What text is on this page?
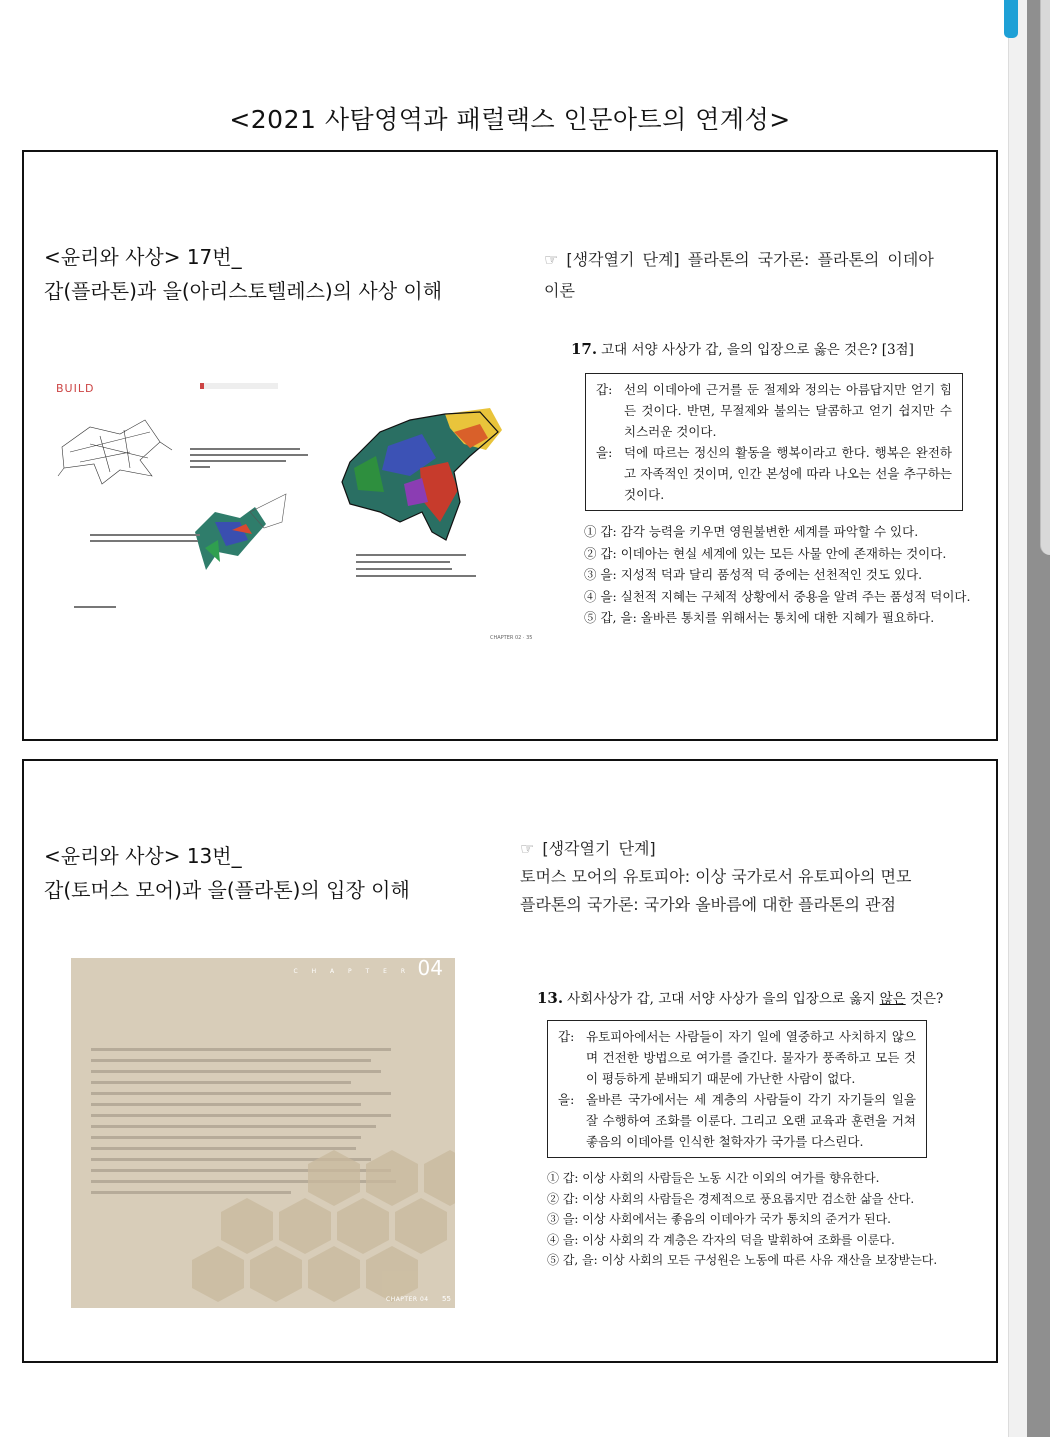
<2021 사탐영역과 패럴랙스 인문아트의 연계성>
<윤리와 사상> 17번_
갑(플라톤)과 을(아리스토텔레스)의 사상 이해
☞ [생각열기 단계] 플라톤의 국가론: 플라톤의 이데아
이론
BUILD
CHAPTER 02 · 35
17. 고대 서양 사상가 갑, 을의 입장으로 옳은 것은? [3점]
갑: 선의 이데아에 근거를 둔 절제와 정의는 아름답지만 얻기 힘든 것이다. 반면, 무절제와 불의는 달콤하고 얻기 쉽지만 수치스러운 것이다.
을: 덕에 따르는 정신의 활동을 행복이라고 한다. 행복은 완전하고 자족적인 것이며, 인간 본성에 따라 나오는 선을 추구하는 것이다.
① 갑: 감각 능력을 키우면 영원불변한 세계를 파악할 수 있다.
② 갑: 이데아는 현실 세계에 있는 모든 사물 안에 존재하는 것이다.
③ 을: 지성적 덕과 달리 품성적 덕 중에는 선천적인 것도 있다.
④ 을: 실천적 지혜는 구체적 상황에서 중용을 알려 주는 품성적 덕이다.
⑤ 갑, 을: 올바른 통치를 위해서는 통치에 대한 지혜가 필요하다.
<윤리와 사상> 13번_
갑(토머스 모어)과 을(플라톤)의 입장 이해
☞ [생각열기 단계]
토머스 모어의 유토피아: 이상 국가로서 유토피아의 면모
플라톤의 국가론: 국가와 올바름에 대한 플라톤의 관점
C H A P T E R 04
CHAPTER 04 55
13. 사회사상가 갑, 고대 서양 사상가 을의 입장으로 옳지 않은 것은?
갑: 유토피아에서는 사람들이 자기 일에 열중하고 사치하지 않으며 건전한 방법으로 여가를 즐긴다. 물자가 풍족하고 모든 것이 평등하게 분배되기 때문에 가난한 사람이 없다.
을: 올바른 국가에서는 세 계층의 사람들이 각기 자기들의 일을 잘 수행하여 조화를 이룬다. 그리고 오랜 교육과 훈련을 거쳐 좋음의 이데아를 인식한 철학자가 국가를 다스린다.
① 갑: 이상 사회의 사람들은 노동 시간 이외의 여가를 향유한다.
② 갑: 이상 사회의 사람들은 경제적으로 풍요롭지만 검소한 삶을 산다.
③ 을: 이상 사회에서는 좋음의 이데아가 국가 통치의 준거가 된다.
④ 을: 이상 사회의 각 계층은 각자의 덕을 발휘하여 조화를 이룬다.
⑤ 갑, 을: 이상 사회의 모든 구성원은 노동에 따른 사유 재산을 보장받는다.
